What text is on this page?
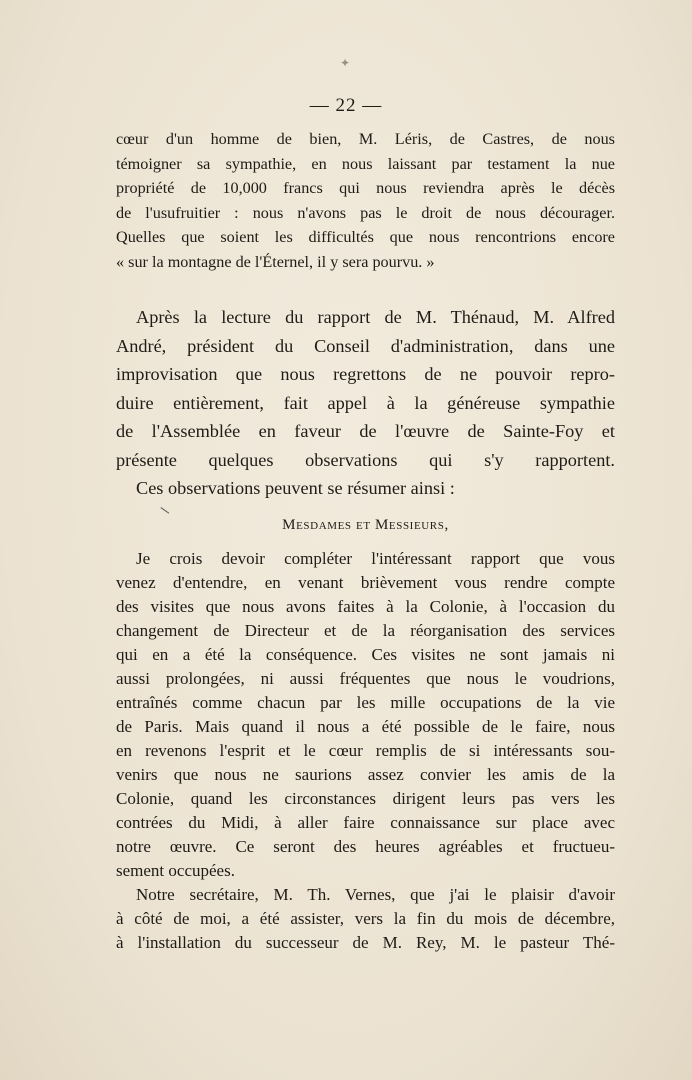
✦
— 22 —
cœur d'un homme de bien, M. Léris, de Castres, de nous
témoigner sa sympathie, en nous laissant par testament la nue
propriété de 10,000 francs qui nous reviendra après le décès
de l'usufruitier : nous n'avons pas le droit de nous décourager.
Quelles que soient les difficultés que nous rencontrions encore
« sur la montagne de l'Éternel, il y sera pourvu. »
Après la lecture du rapport de M. Thénaud, M. Alfred
André, président du Conseil d'administration, dans une
improvisation que nous regrettons de ne pouvoir repro-
duire entièrement, fait appel à la généreuse sympathie
de l'Assemblée en faveur de l'œuvre de Sainte-Foy et
présente quelques observations qui s'y rapportent.
Ces observations peuvent se résumer ainsi :
Mesdames et Messieurs,
Je crois devoir compléter l'intéressant rapport que vous
venez d'entendre, en venant brièvement vous rendre compte
des visites que nous avons faites à la Colonie, à l'occasion du
changement de Directeur et de la réorganisation des services
qui en a été la conséquence. Ces visites ne sont jamais ni
aussi prolongées, ni aussi fréquentes que nous le voudrions,
entraînés comme chacun par les mille occupations de la vie
de Paris. Mais quand il nous a été possible de le faire, nous
en revenons l'esprit et le cœur remplis de si intéressants sou-
venirs que nous ne saurions assez convier les amis de la
Colonie, quand les circonstances dirigent leurs pas vers les
contrées du Midi, à aller faire connaissance sur place avec
notre œuvre. Ce seront des heures agréables et fructueu-
sement occupées.
Notre secrétaire, M. Th. Vernes, que j'ai le plaisir d'avoir
à côté de moi, a été assister, vers la fin du mois de décembre,
à l'installation du successeur de M. Rey, M. le pasteur Thé-
